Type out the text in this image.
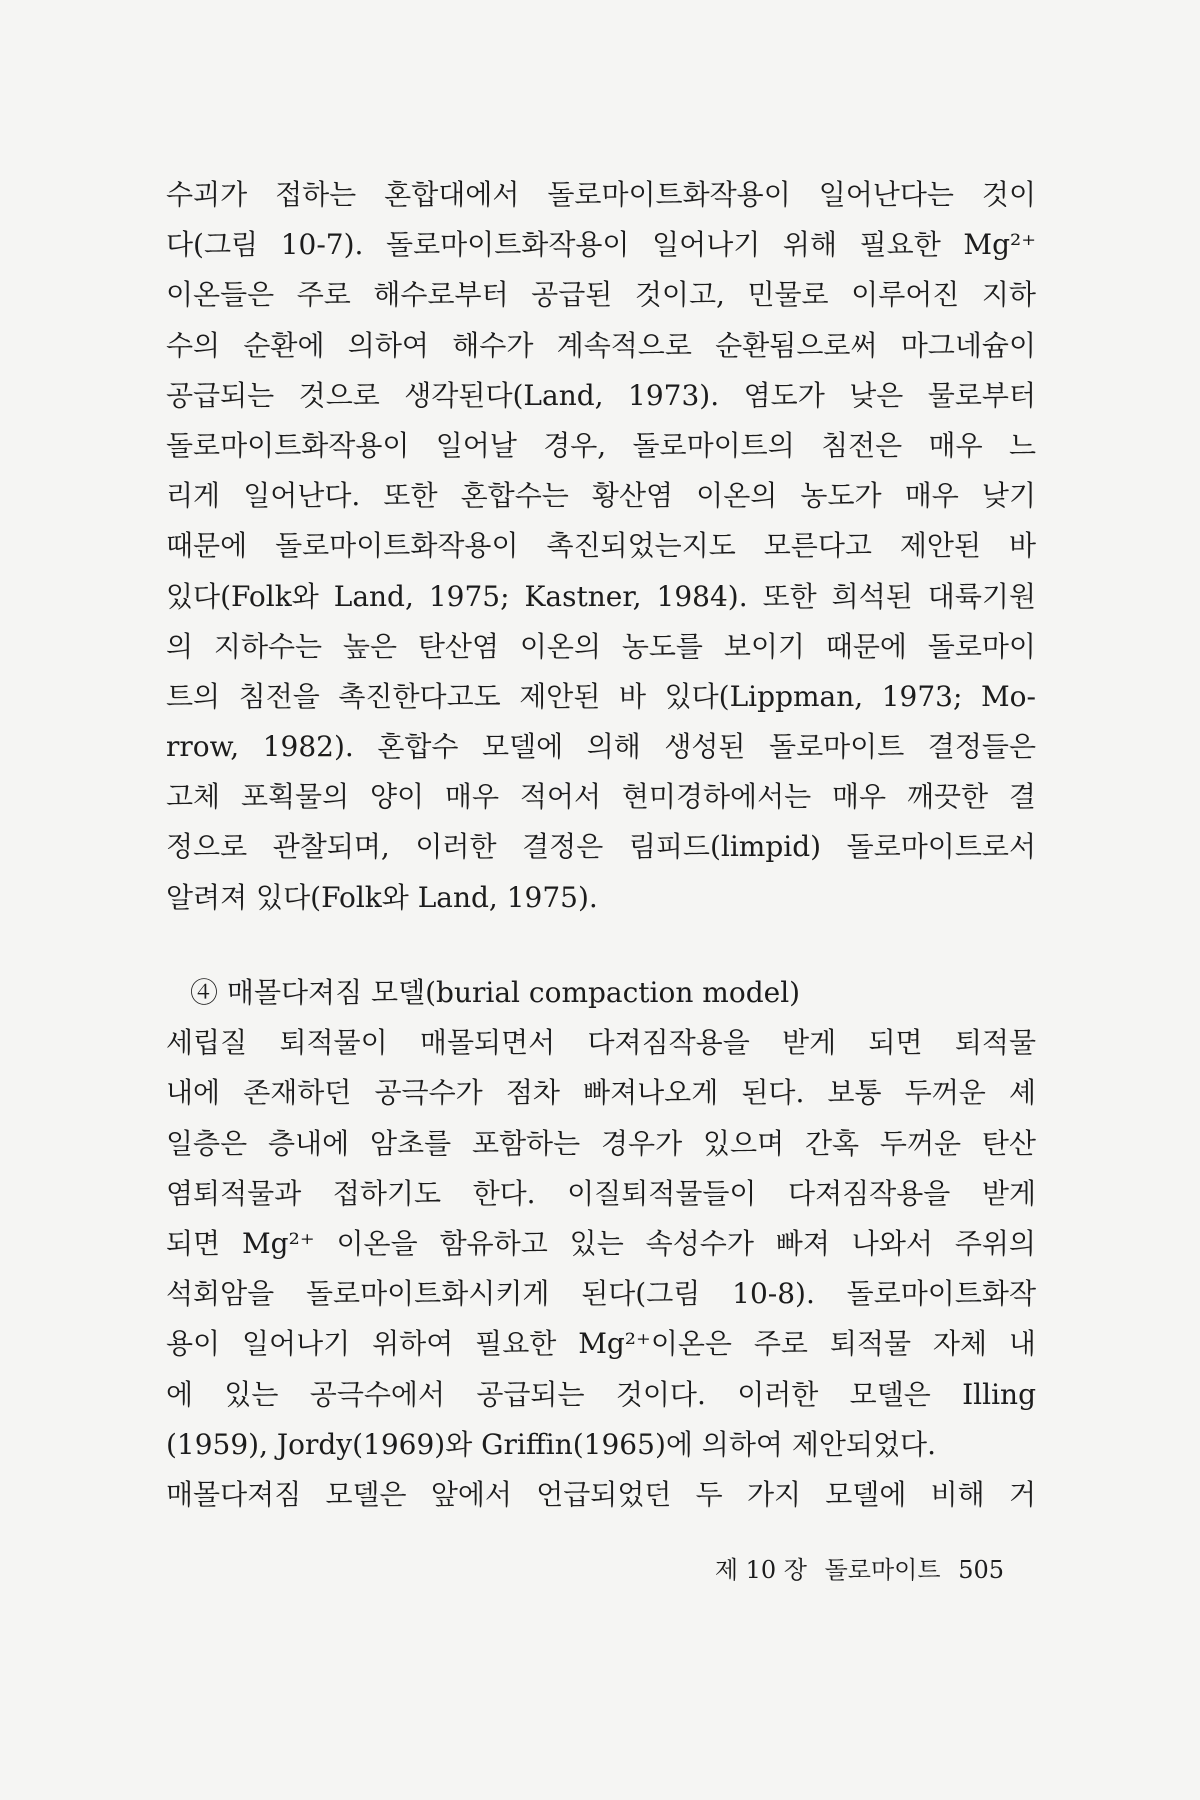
수괴가 접하는 혼합대에서 돌로마이트화작용이 일어난다는 것이
다(그림 10-7). 돌로마이트화작용이 일어나기 위해 필요한 Mg²⁺
이온들은 주로 해수로부터 공급된 것이고, 민물로 이루어진 지하
수의 순환에 의하여 해수가 계속적으로 순환됨으로써 마그네슘이
공급되는 것으로 생각된다(Land, 1973). 염도가 낮은 물로부터
돌로마이트화작용이 일어날 경우, 돌로마이트의 침전은 매우 느
리게 일어난다. 또한 혼합수는 황산염 이온의 농도가 매우 낮기
때문에 돌로마이트화작용이 촉진되었는지도 모른다고 제안된 바
있다(Folk와 Land, 1975; Kastner, 1984). 또한 희석된 대륙기원
의 지하수는 높은 탄산염 이온의 농도를 보이기 때문에 돌로마이
트의 침전을 촉진한다고도 제안된 바 있다(Lippman, 1973; Mo-
rrow, 1982). 혼합수 모델에 의해 생성된 돌로마이트 결정들은
고체 포획물의 양이 매우 적어서 현미경하에서는 매우 깨끗한 결
정으로 관찰되며, 이러한 결정은 림피드(limpid) 돌로마이트로서
알려져 있다(Folk와 Land, 1975).
④ 매몰다져짐 모델(burial compaction model)
세립질 퇴적물이 매몰되면서 다져짐작용을 받게 되면 퇴적물
내에 존재하던 공극수가 점차 빠져나오게 된다. 보통 두꺼운 셰
일층은 층내에 암초를 포함하는 경우가 있으며 간혹 두꺼운 탄산
염퇴적물과 접하기도 한다. 이질퇴적물들이 다져짐작용을 받게
되면 Mg²⁺ 이온을 함유하고 있는 속성수가 빠져 나와서 주위의
석회암을 돌로마이트화시키게 된다(그림 10-8). 돌로마이트화작
용이 일어나기 위하여 필요한 Mg²⁺이온은 주로 퇴적물 자체 내
에 있는 공극수에서 공급되는 것이다. 이러한 모델은 Illing
(1959), Jordy(1969)와 Griffin(1965)에 의하여 제안되었다.
매몰다져짐 모델은 앞에서 언급되었던 두 가지 모델에 비해 거
제 10 장 돌로마이트 505
